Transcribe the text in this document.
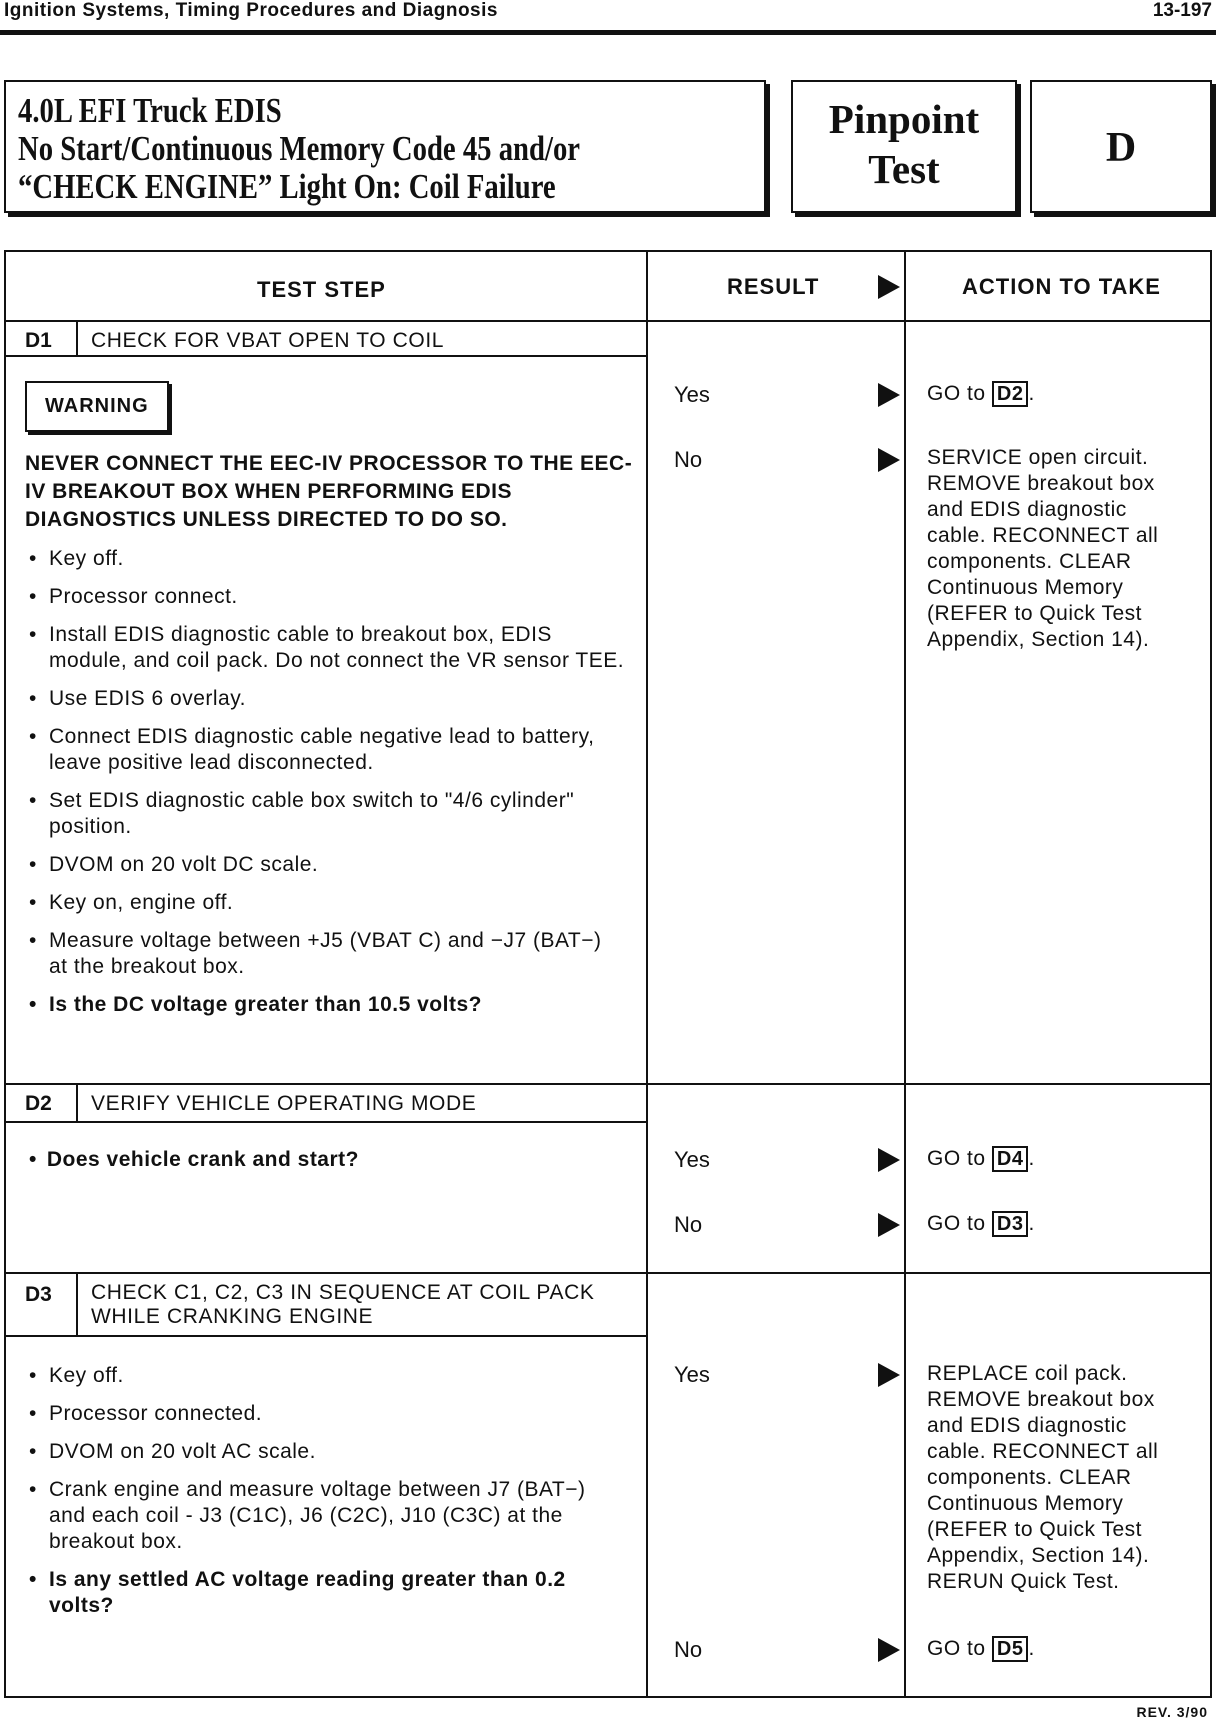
Ignition Systems, Timing Procedures and Diagnosis	13-197
4.0L EFI Truck EDIS
No Start/Continuous Memory Code 45 and/or
“CHECK ENGINE” Light On: Coil Failure
Pinpoint
Test	D
TEST STEP	RESULT	ACTION TO TAKE
D1 CHECK FOR VBAT OPEN TO COIL
WARNING
NEVER CONNECT THE EEC-IV PROCESSOR TO THE EEC-IV BREAKOUT BOX WHEN PERFORMING EDIS DIAGNOSTICS UNLESS DIRECTED TO DO SO.
• Key off.
• Processor connect.
• Install EDIS diagnostic cable to breakout box, EDIS module, and coil pack. Do not connect the VR sensor TEE.
• Use EDIS 6 overlay.
• Connect EDIS diagnostic cable negative lead to battery, leave positive lead disconnected.
• Set EDIS diagnostic cable box switch to "4/6 cylinder" position.
• DVOM on 20 volt DC scale.
• Key on, engine off.
• Measure voltage between +J5 (VBAT C) and −J7 (BAT−) at the breakout box.
• Is the DC voltage greater than 10.5 volts?
Yes	GO to D2 .
No	SERVICE open circuit. REMOVE breakout box and EDIS diagnostic cable. RECONNECT all components. CLEAR Continuous Memory (REFER to Quick Test Appendix, Section 14).
D2 VERIFY VEHICLE OPERATING MODE
• Does vehicle crank and start?	Yes	GO to D4 .
No	GO to D3 .
D3 CHECK C1, C2, C3 IN SEQUENCE AT COIL PACK WHILE CRANKING ENGINE
• Key off.
• Processor connected.
• DVOM on 20 volt AC scale.
• Crank engine and measure voltage between J7 (BAT−) and each coil - J3 (C1C), J6 (C2C), J10 (C3C) at the breakout box.
• Is any settled AC voltage reading greater than 0.2 volts?
Yes	REPLACE coil pack. REMOVE breakout box and EDIS diagnostic cable. RECONNECT all components. CLEAR Continuous Memory (REFER to Quick Test Appendix, Section 14). RERUN Quick Test.
No	GO to D5 .
REV. 3/90
